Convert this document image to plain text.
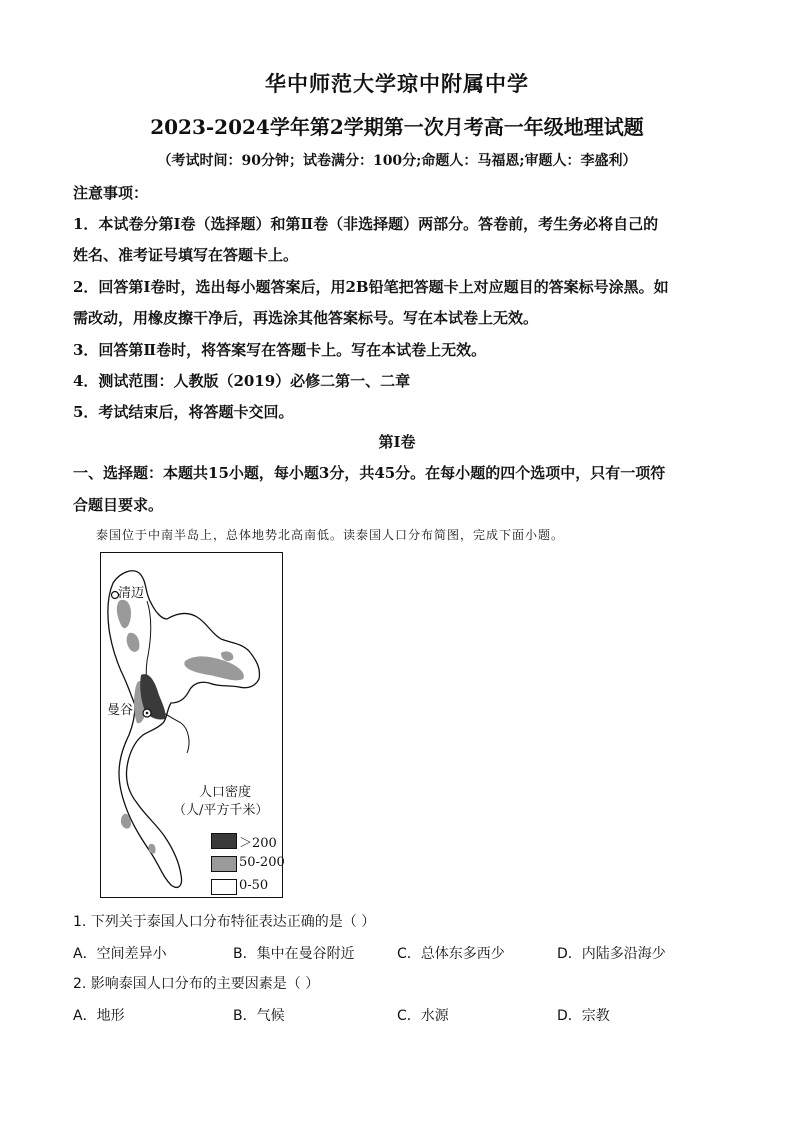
华中师范大学琼中附属中学
2023-2024学年第2学期第一次月考高一年级地理试题
（考试时间：90分钟；试卷满分：100分;命题人：马福恩;审题人：李盛利）
注意事项：
1．本试卷分第Ⅰ卷（选择题）和第Ⅱ卷（非选择题）两部分。答卷前，考生务必将自己的
姓名、准考证号填写在答题卡上。
2．回答第Ⅰ卷时，选出每小题答案后，用2B铅笔把答题卡上对应题目的答案标号涂黑。如
需改动，用橡皮擦干净后，再选涂其他答案标号。写在本试卷上无效。
3．回答第Ⅱ卷时，将答案写在答题卡上。写在本试卷上无效。
4．测试范围：人教版（2019）必修二第一、二章
5．考试结束后，将答题卡交回。
第Ⅰ卷
一、选择题：本题共15小题，每小题3分，共45分。在每小题的四个选项中，只有一项符
合题目要求。
泰国位于中南半岛上，总体地势北高南低。读泰国人口分布简图，完成下面小题。
清迈
曼谷
人口密度
（人/平方千米）
＞200
50-200
0-50
1. 下列关于泰国人口分布特征表达正确的是（ ）
A．空间差异小	B．集中在曼谷附近	C．总体东多西少	D．内陆多沿海少
2. 影响泰国人口分布的主要因素是（ ）
A．地形	B．气候	C．水源	D．宗教
